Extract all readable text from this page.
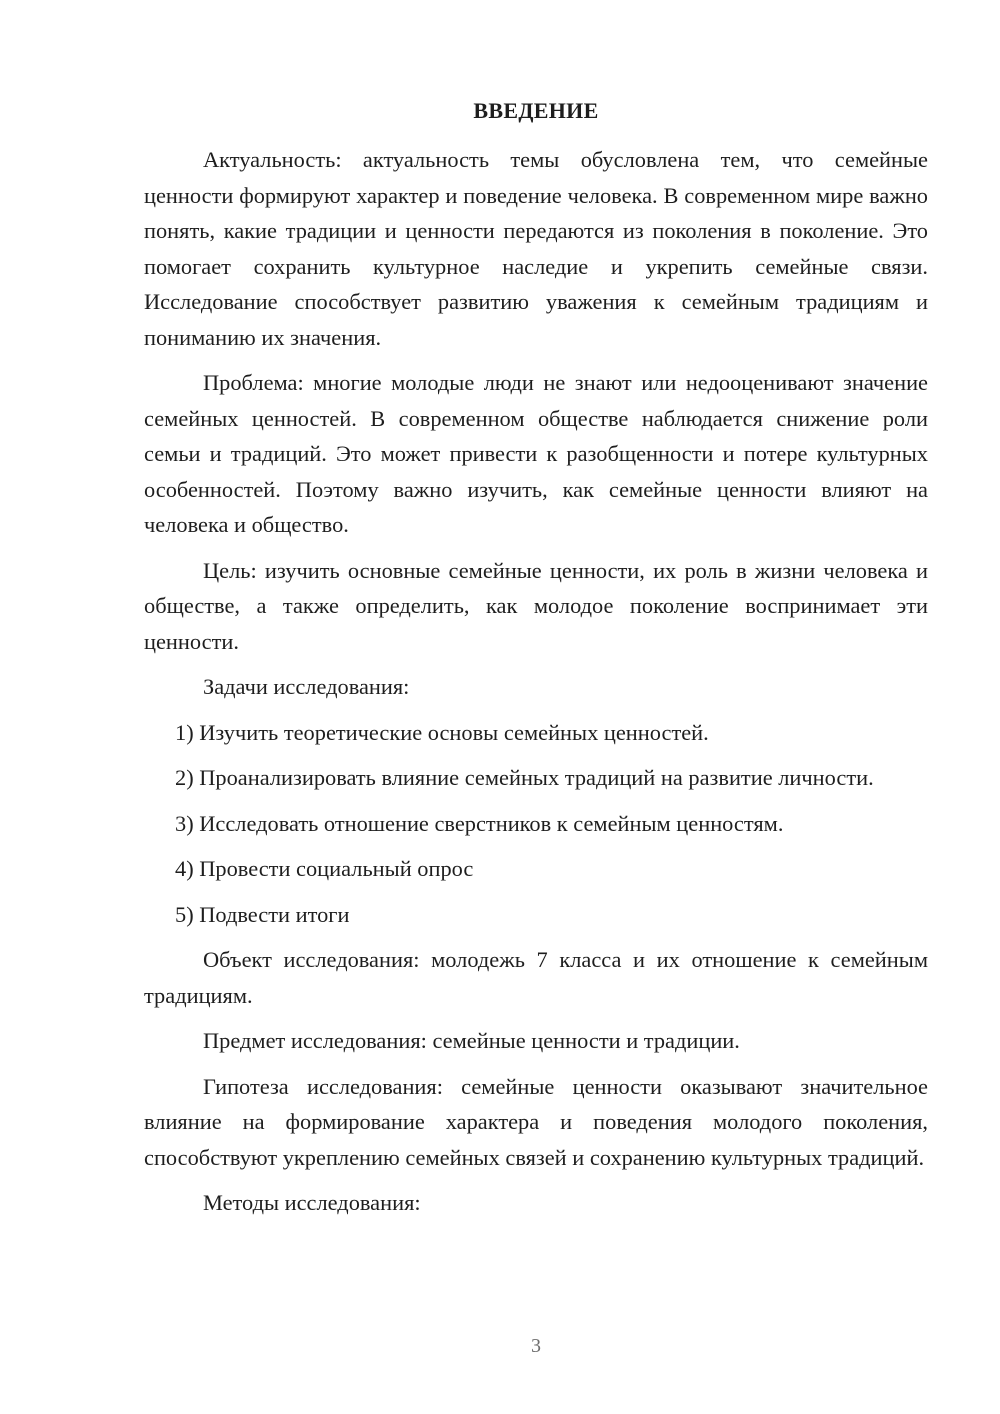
ВВЕДЕНИЕ

Актуальность: актуальность темы обусловлена тем, что семейные ценности формируют характер и поведение человека. В современном мире важно понять, какие традиции и ценности передаются из поколения в поколение. Это помогает сохранить культурное наследие и укрепить семейные связи. Исследование способствует развитию уважения к семейным традициям и пониманию их значения.

Проблема: многие молодые люди не знают или недооценивают значение семейных ценностей. В современном обществе наблюдается снижение роли семьи и традиций. Это может привести к разобщенности и потере культурных особенностей. Поэтому важно изучить, как семейные ценности влияют на человека и общество.

Цель: изучить основные семейные ценности, их роль в жизни человека и обществе, а также определить, как молодое поколение воспринимает эти ценности.

Задачи исследования:

1) Изучить теоретические основы семейных ценностей.

2) Проанализировать влияние семейных традиций на развитие личности.

3) Исследовать отношение сверстников к семейным ценностям.

4) Провести социальный опрос

5) Подвести итоги

Объект исследования: молодежь 7 класса и их отношение к семейным традициям.

Предмет исследования: семейные ценности и традиции.

Гипотеза исследования: семейные ценности оказывают значительное влияние на формирование характера и поведения молодого поколения, способствуют укреплению семейных связей и сохранению культурных традиций.

Методы исследования:

3
